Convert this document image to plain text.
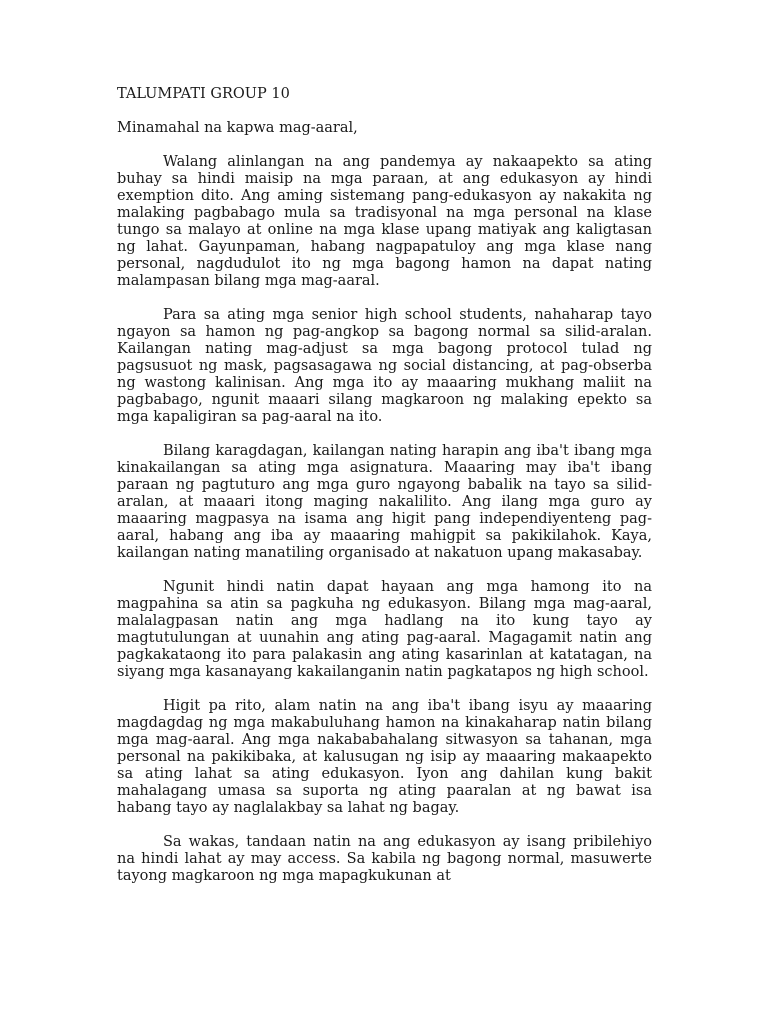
TALUMPATI GROUP 10
Minamahal na kapwa mag-aaral,

Walang alinlangan na ang pandemya ay nakaapekto sa ating buhay sa hindi maisip na mga paraan, at ang edukasyon ay hindi exemption dito. Ang aming sistemang pang-edukasyon ay nakakita ng malaking pagbabago mula sa tradisyonal na mga personal na klase tungo sa malayo at online na mga klase upang matiyak ang kaligtasan ng lahat. Gayunpaman, habang nagpapatuloy ang mga klase nang personal, nagdudulot ito ng mga bagong hamon na dapat nating malampasan bilang mga mag-aaral.

Para sa ating mga senior high school students, nahaharap tayo ngayon sa hamon ng pag-angkop sa bagong normal sa silid-aralan. Kailangan nating mag-adjust sa mga bagong protocol tulad ng pagsusuot ng mask, pagsasagawa ng social distancing, at pag-obserba ng wastong kalinisan. Ang mga ito ay maaaring mukhang maliit na pagbabago, ngunit maaari silang magkaroon ng malaking epekto sa mga kapaligiran sa pag-aaral na ito.

Bilang karagdagan, kailangan nating harapin ang iba't ibang mga kinakailangan sa ating mga asignatura. Maaaring may iba't ibang paraan ng pagtuturo ang mga guro ngayong babalik na tayo sa silid-aralan, at maaari itong maging nakalilito. Ang ilang mga guro ay maaaring magpasya na isama ang higit pang independiyenteng pag-aaral, habang ang iba ay maaaring mahigpit sa pakikilahok. Kaya, kailangan nating manatiling organisado at nakatuon upang makasabay.

Ngunit hindi natin dapat hayaan ang mga hamong ito na magpahina sa atin sa pagkuha ng edukasyon. Bilang mga mag-aaral, malalagpasan natin ang mga hadlang na ito kung tayo ay magtutulungan at uunahin ang ating pag-aaral. Magagamit natin ang pagkakataong ito para palakasin ang ating kasarinlan at katatagan, na siyang mga kasanayang kakailanganin natin pagkatapos ng high school.

Higit pa rito, alam natin na ang iba't ibang isyu ay maaaring magdagdag ng mga makabuluhang hamon na kinakaharap natin bilang mga mag-aaral. Ang mga nakababahalang sitwasyon sa tahanan, mga personal na pakikibaka, at kalusugan ng isip ay maaaring makaapekto sa ating lahat sa ating edukasyon. Iyon ang dahilan kung bakit mahalagang umasa sa suporta ng ating paaralan at ng bawat isa habang tayo ay naglalakbay sa lahat ng bagay.

Sa wakas, tandaan natin na ang edukasyon ay isang pribilehiyo na hindi lahat ay may access. Sa kabila ng bagong normal, masuwerte tayong magkaroon ng mga mapagkukunan at
